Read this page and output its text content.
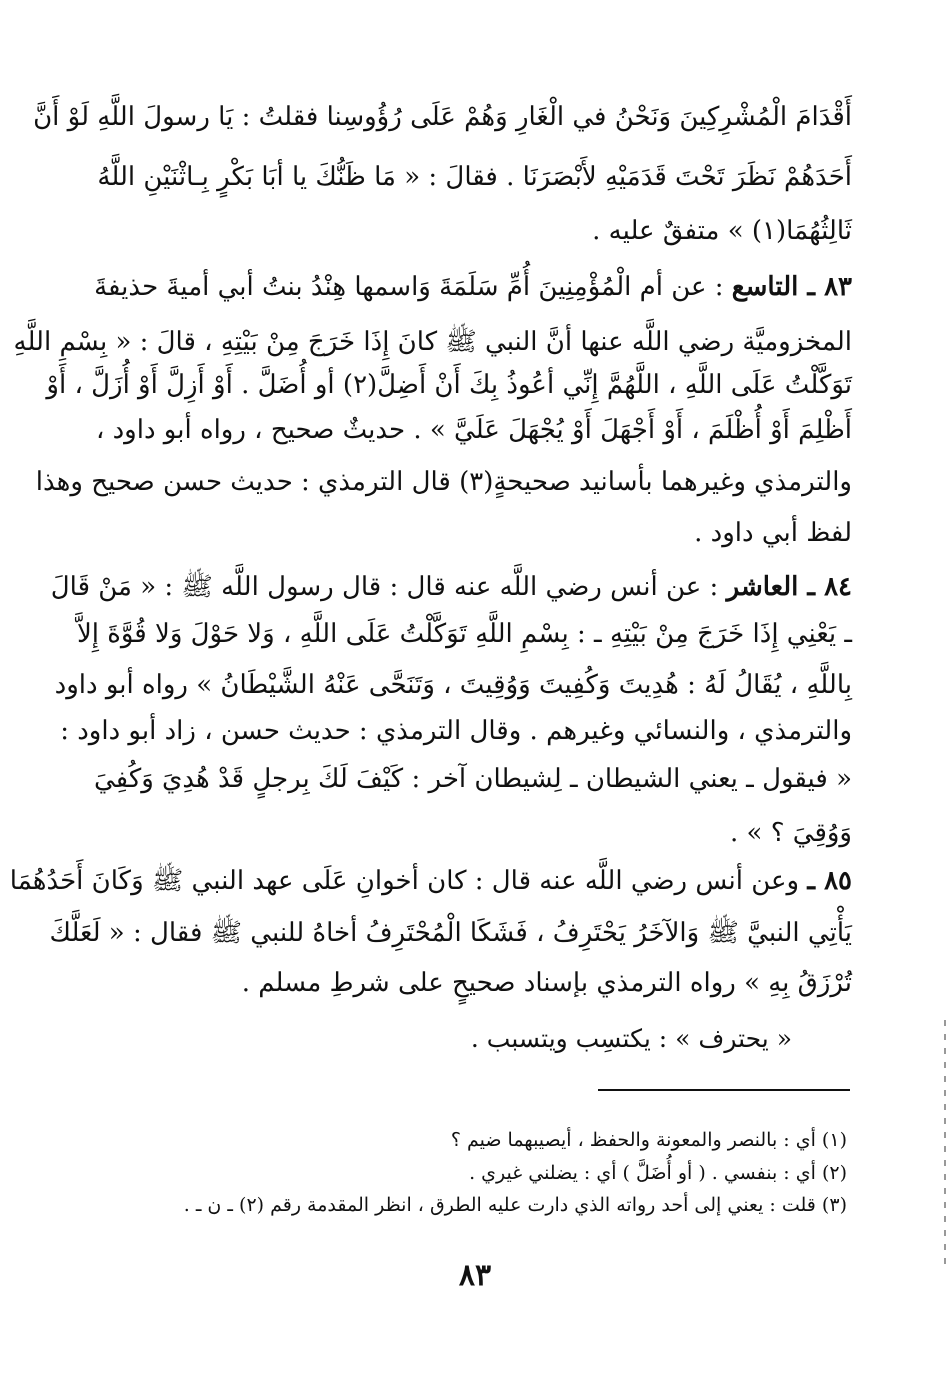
أَقْدَامَ الْمُشْرِكِينَ وَنَحْنُ في الْغَارِ وَهُمْ عَلَى رُؤُوسِنا فقلتُ : يَا رسولَ اللَّهِ لَوْ أَنَّ
أَحَدَهُمْ نَظَرَ تَحْتَ قَدَمَيْهِ لأَبْصَرَنَا . فقالَ : « مَا ظَنُّكَ يا أبَا بَكْرٍ بِـاثْنَيْنِ اللَّهُ
ثَالِثُهُمَا(١) » متفقٌ عليه .
٨٣ ـ التاسع : عن أم الْمُؤْمِنِينَ أُمِّ سَلَمَةَ وَاسمها هِنْدُ بنتُ أبي أميةَ حذيفةَ
المخزوميَّة رضي اللَّه عنها أنَّ النبي ﷺ كانَ إِذَا خَرَجَ مِنْ بَيْتِهِ ، قالَ : « بِسْمِ اللَّهِ
تَوَكَّلْتُ عَلَى اللَّهِ ، اللَّهُمَّ إِنِّي أعُوذُ بِكَ أَنْ أَضِلَّ(٢) أو أُضَلَّ . أَوْ أَزِلَّ أَوْ أُزَلَّ ، أَوْ
أَظْلِمَ أَوْ أُظْلَمَ ، أَوْ أَجْهَلَ أَوْ يُجْهَلَ عَلَيَّ » . حديثٌ صحيح ، رواه أبو داود ،
والترمذي وغيرهما بأسانيد صحيحةٍ(٣) قال الترمذي : حديث حسن صحيح وهذا
لفظ أبي داود .
٨٤ ـ العاشر : عن أنس رضي اللَّه عنه قال : قال رسول اللَّه ﷺ : « مَنْ قَالَ
ـ يَعْنِي إِذَا خَرَجَ مِنْ بَيْتِهِ ـ : بِسْمِ اللَّهِ تَوَكَّلْتُ عَلَى اللَّهِ ، وَلا حَوْلَ وَلا قُوَّةَ إِلاَّ
بِاللَّهِ ، يُقَالُ لَهُ : هُدِيتَ وَكُفِيتَ وَوُقِيتَ ، وَتَنَحَّى عَنْهُ الشَّيْطَانُ » رواه أبو داود
والترمذي ، والنسائي وغيرهم . وقال الترمذي : حديث حسن ، زاد أبو داود :
« فيقول ـ يعني الشيطان ـ لِشيطان آخر : كَيْفَ لَكَ بِرجلٍ قَدْ هُدِيَ وَكُفِيَ
وَوُقِيَ ؟ » .
٨٥ ـ وعن أنس رضي اللَّه عنه قال : كان أخوانِ عَلَى عهد النبي ﷺ وَكَانَ أَحَدُهُمَا
يَأْتِي النبيَّ ﷺ وَالآخَرُ يَحْتَرِفُ ، فَشَكَا الْمُحْتَرِفُ أخاهُ للنبي ﷺ فقال : « لَعَلَّكَ
تُرْزَقُ بِهِ » رواه الترمذي بإسناد صحيحٍ على شرطِ مسلم .
« يحترف » : يكتسِب ويتسبب .
(١) أي : بالنصر والمعونة والحفظ ، أيصيبهما ضيم ؟
(٢) أي : بنفسي . ( أو أُضَلَّ ) أي : يضلني غيري .
(٣) قلت : يعني إلى أحد رواته الذي دارت عليه الطرق ، انظر المقدمة رقم (٢) ـ ن ـ .
٨٣
